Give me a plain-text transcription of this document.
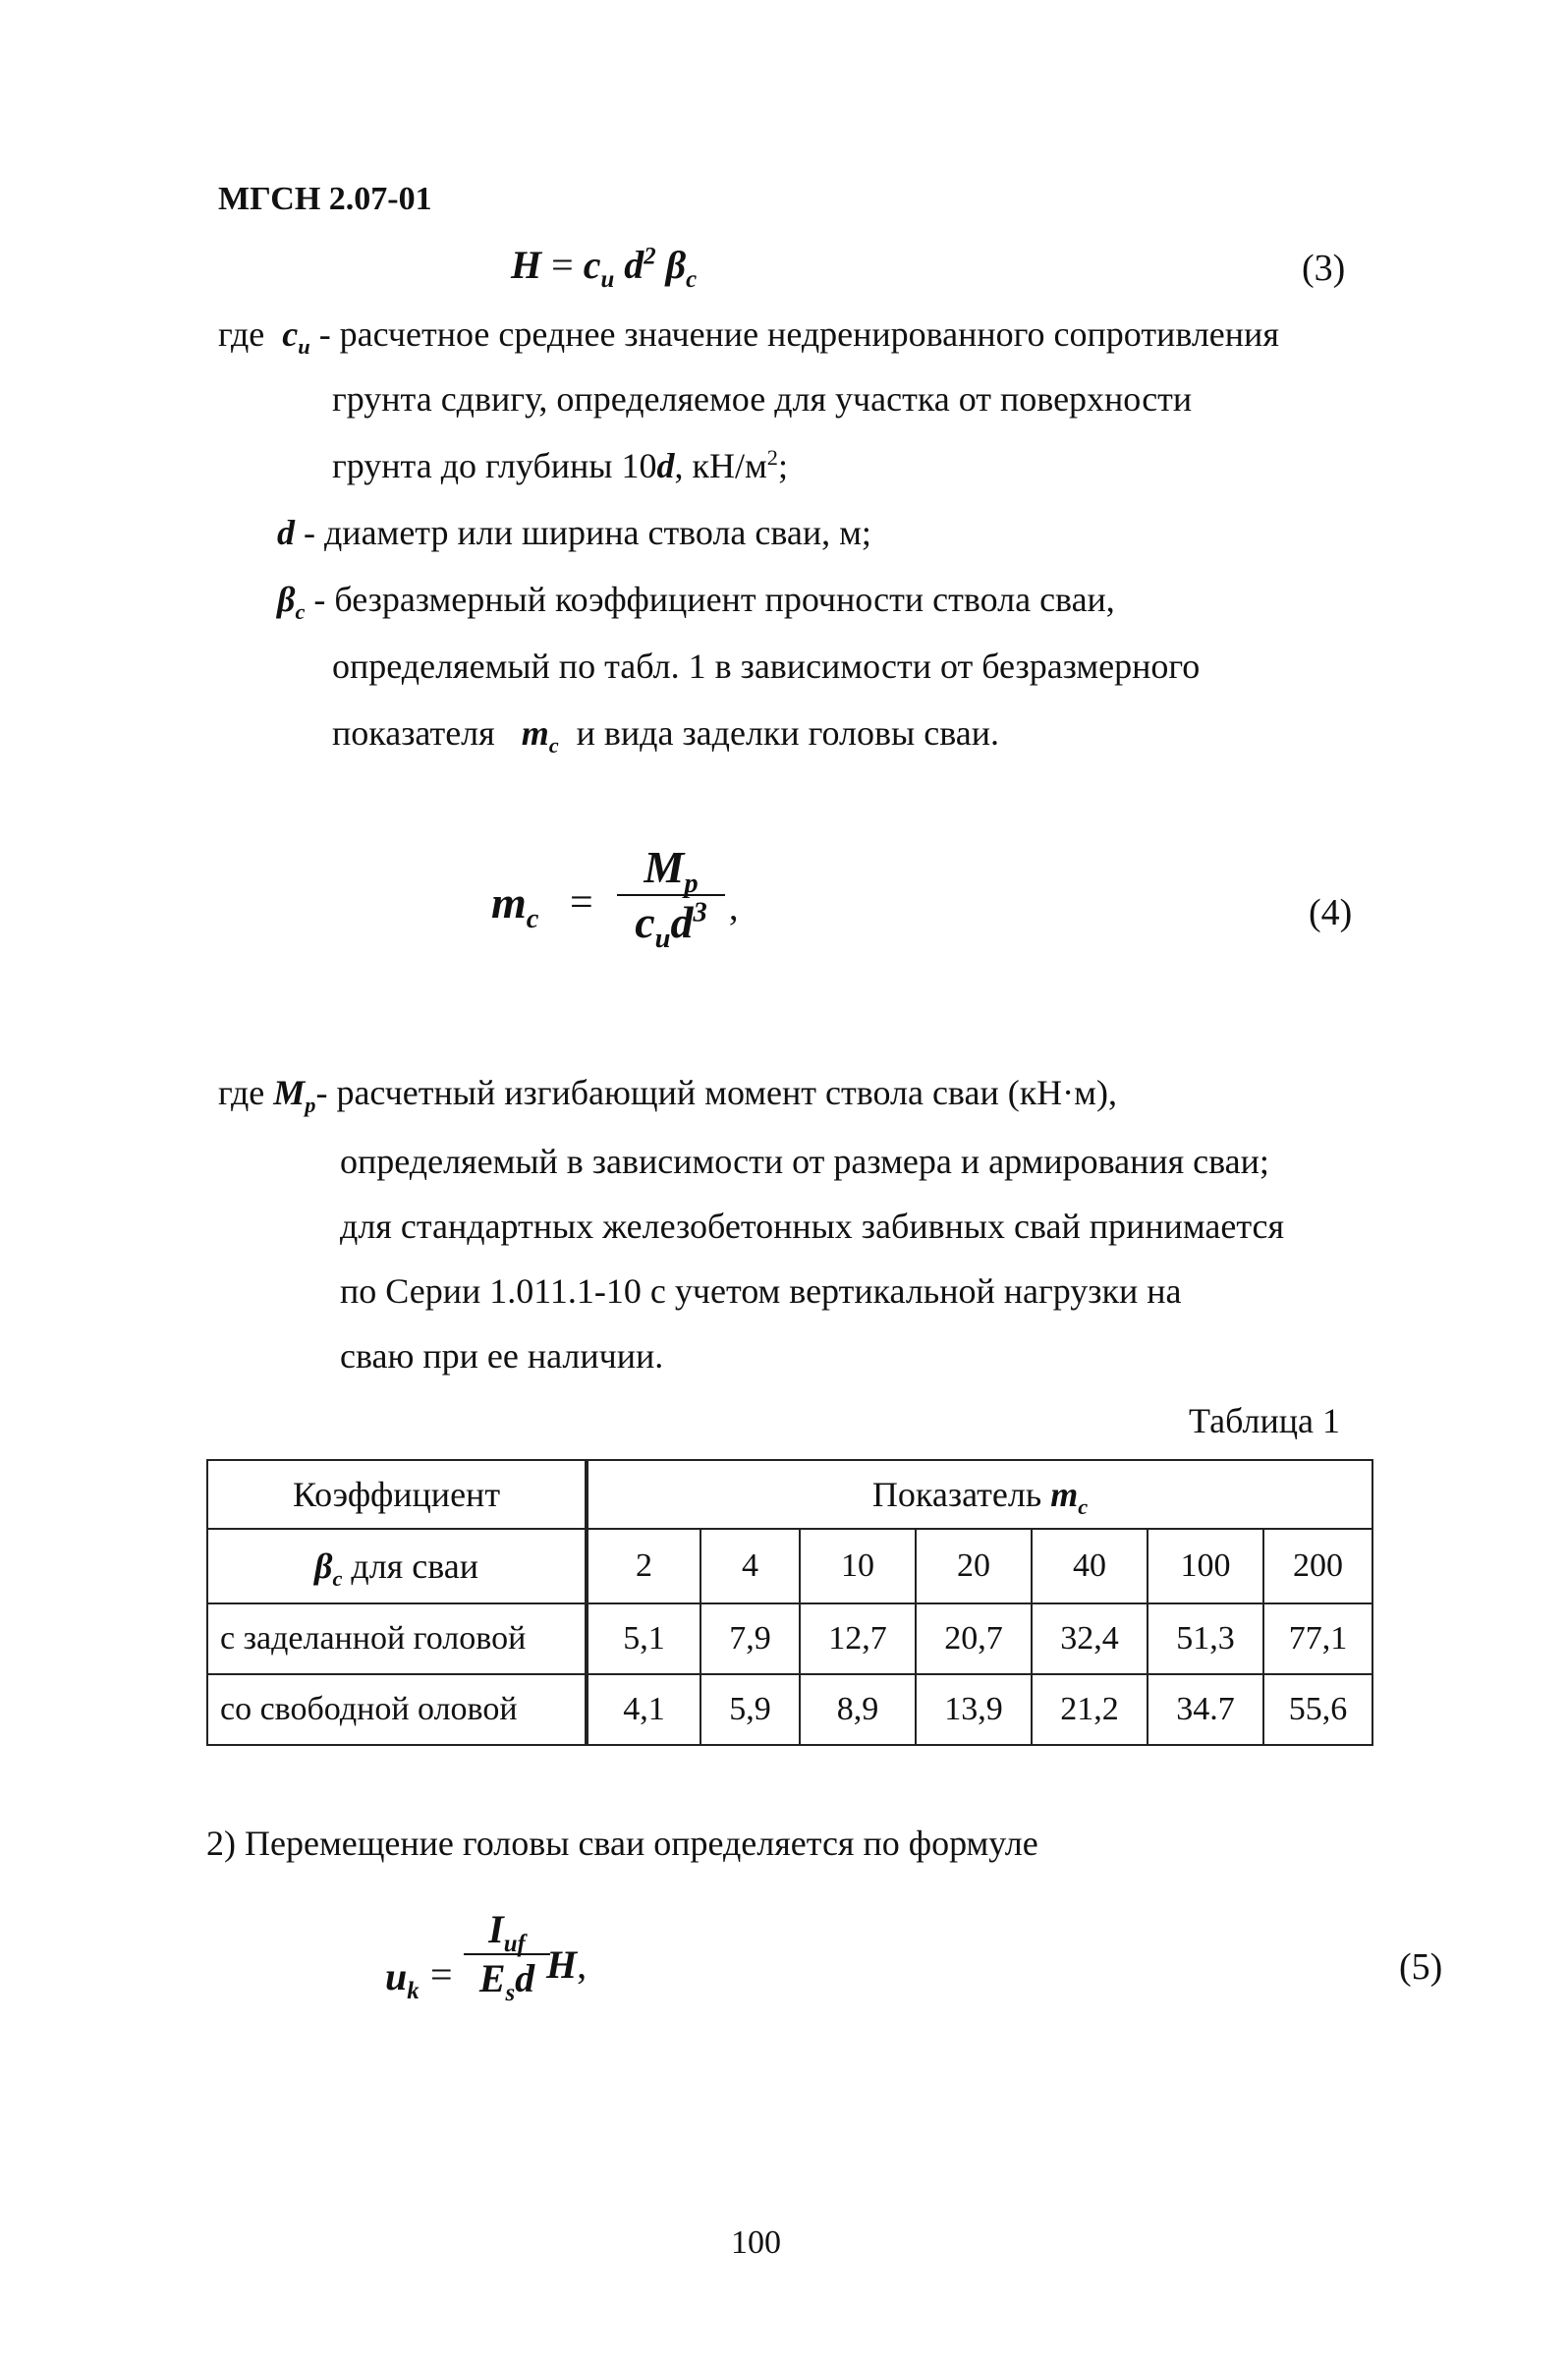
МГСН 2.07-01
$H = c_u$ $d^2$ $\beta_c$	(3)
где $c_u$ - расчетное среднее значение недренированного сопротивления
грунта сдвигу, определяемое для участка от поверхности
грунта до глубины 10d, $кН/м^2$;
d - диаметр или ширина ствола сваи, м;
$\beta_c$ - безразмерный коэффициент прочности ствола сваи,
определяемый по табл. 1 в зависимости от безразмерного
показателя $m_c$ и вида заделки головы сваи.
$m_c$ =
$M_p$
$c_ud^3$ ,	(4)
где $M_p-$ расчетный изгибающий момент ствола сваи (кН·м),
определяемый в зависимости от размера и армирования сваи;
для стандартных железобетонных забивных свай принимается
по Серии 1.011.1-10 с учетом вертикальной нагрузки на
сваю при ее наличии.
Таблица 1
Коэффициент	Показатель $m_c$
$\beta_c$ для сваи	2	4	10	20	40	100	200
с заделанной головой	5,1	7,9	12,7	20,7	32,4	51,3	77,1
со свободной оловой	4,1	5,9	8,9	13,9	21,2	34.7	55,6
2) Перемещение головы сваи определяется по формуле
$u_k$ =
$I_{uf}$
$E_sd$ H,	(5)
100
